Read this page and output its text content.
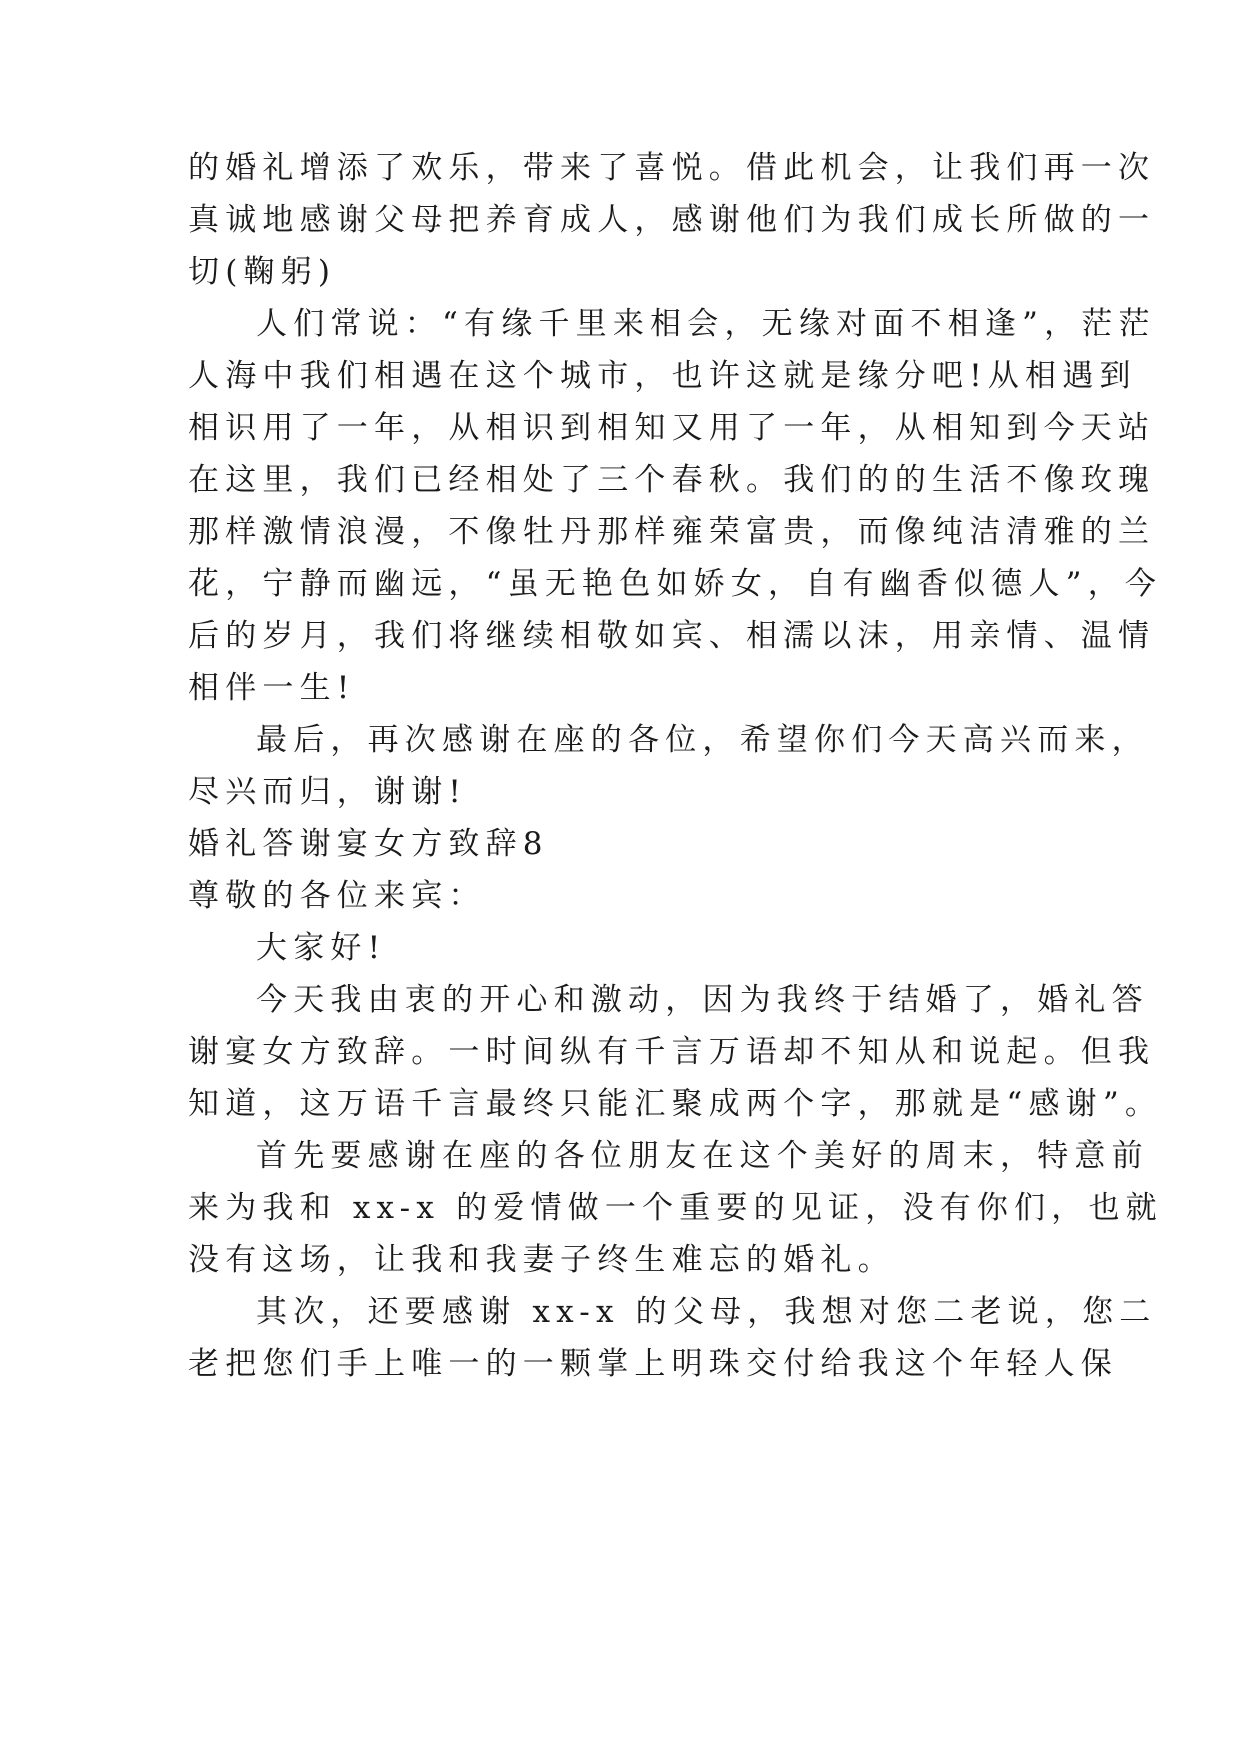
的婚礼增添了欢乐，带来了喜悦。借此机会，让我们再一次
真诚地感谢父母把养育成人，感谢他们为我们成长所做的一
切(鞠躬)
人们常说：“有缘千里来相会，无缘对面不相逢”，茫茫
人海中我们相遇在这个城市，也许这就是缘分吧!从相遇到
相识用了一年，从相识到相知又用了一年，从相知到今天站
在这里，我们已经相处了三个春秋。我们的的生活不像玫瑰
那样激情浪漫，不像牡丹那样雍荣富贵，而像纯洁清雅的兰
花，宁静而幽远，“虽无艳色如娇女，自有幽香似德人”，今
后的岁月，我们将继续相敬如宾、相濡以沫，用亲情、温情
相伴一生!
最后，再次感谢在座的各位，希望你们今天高兴而来，
尽兴而归，谢谢!
婚礼答谢宴女方致辞8
尊敬的各位来宾：
大家好!
今天我由衷的开心和激动，因为我终于结婚了，婚礼答
谢宴女方致辞。一时间纵有千言万语却不知从和说起。但我
知道，这万语千言最终只能汇聚成两个字，那就是“感谢”。
首先要感谢在座的各位朋友在这个美好的周末，特意前
来为我和 xx-x 的爱情做一个重要的见证，没有你们，也就
没有这场，让我和我妻子终生难忘的婚礼。
其次，还要感谢 xx-x 的父母，我想对您二老说，您二
老把您们手上唯一的一颗掌上明珠交付给我这个年轻人保
